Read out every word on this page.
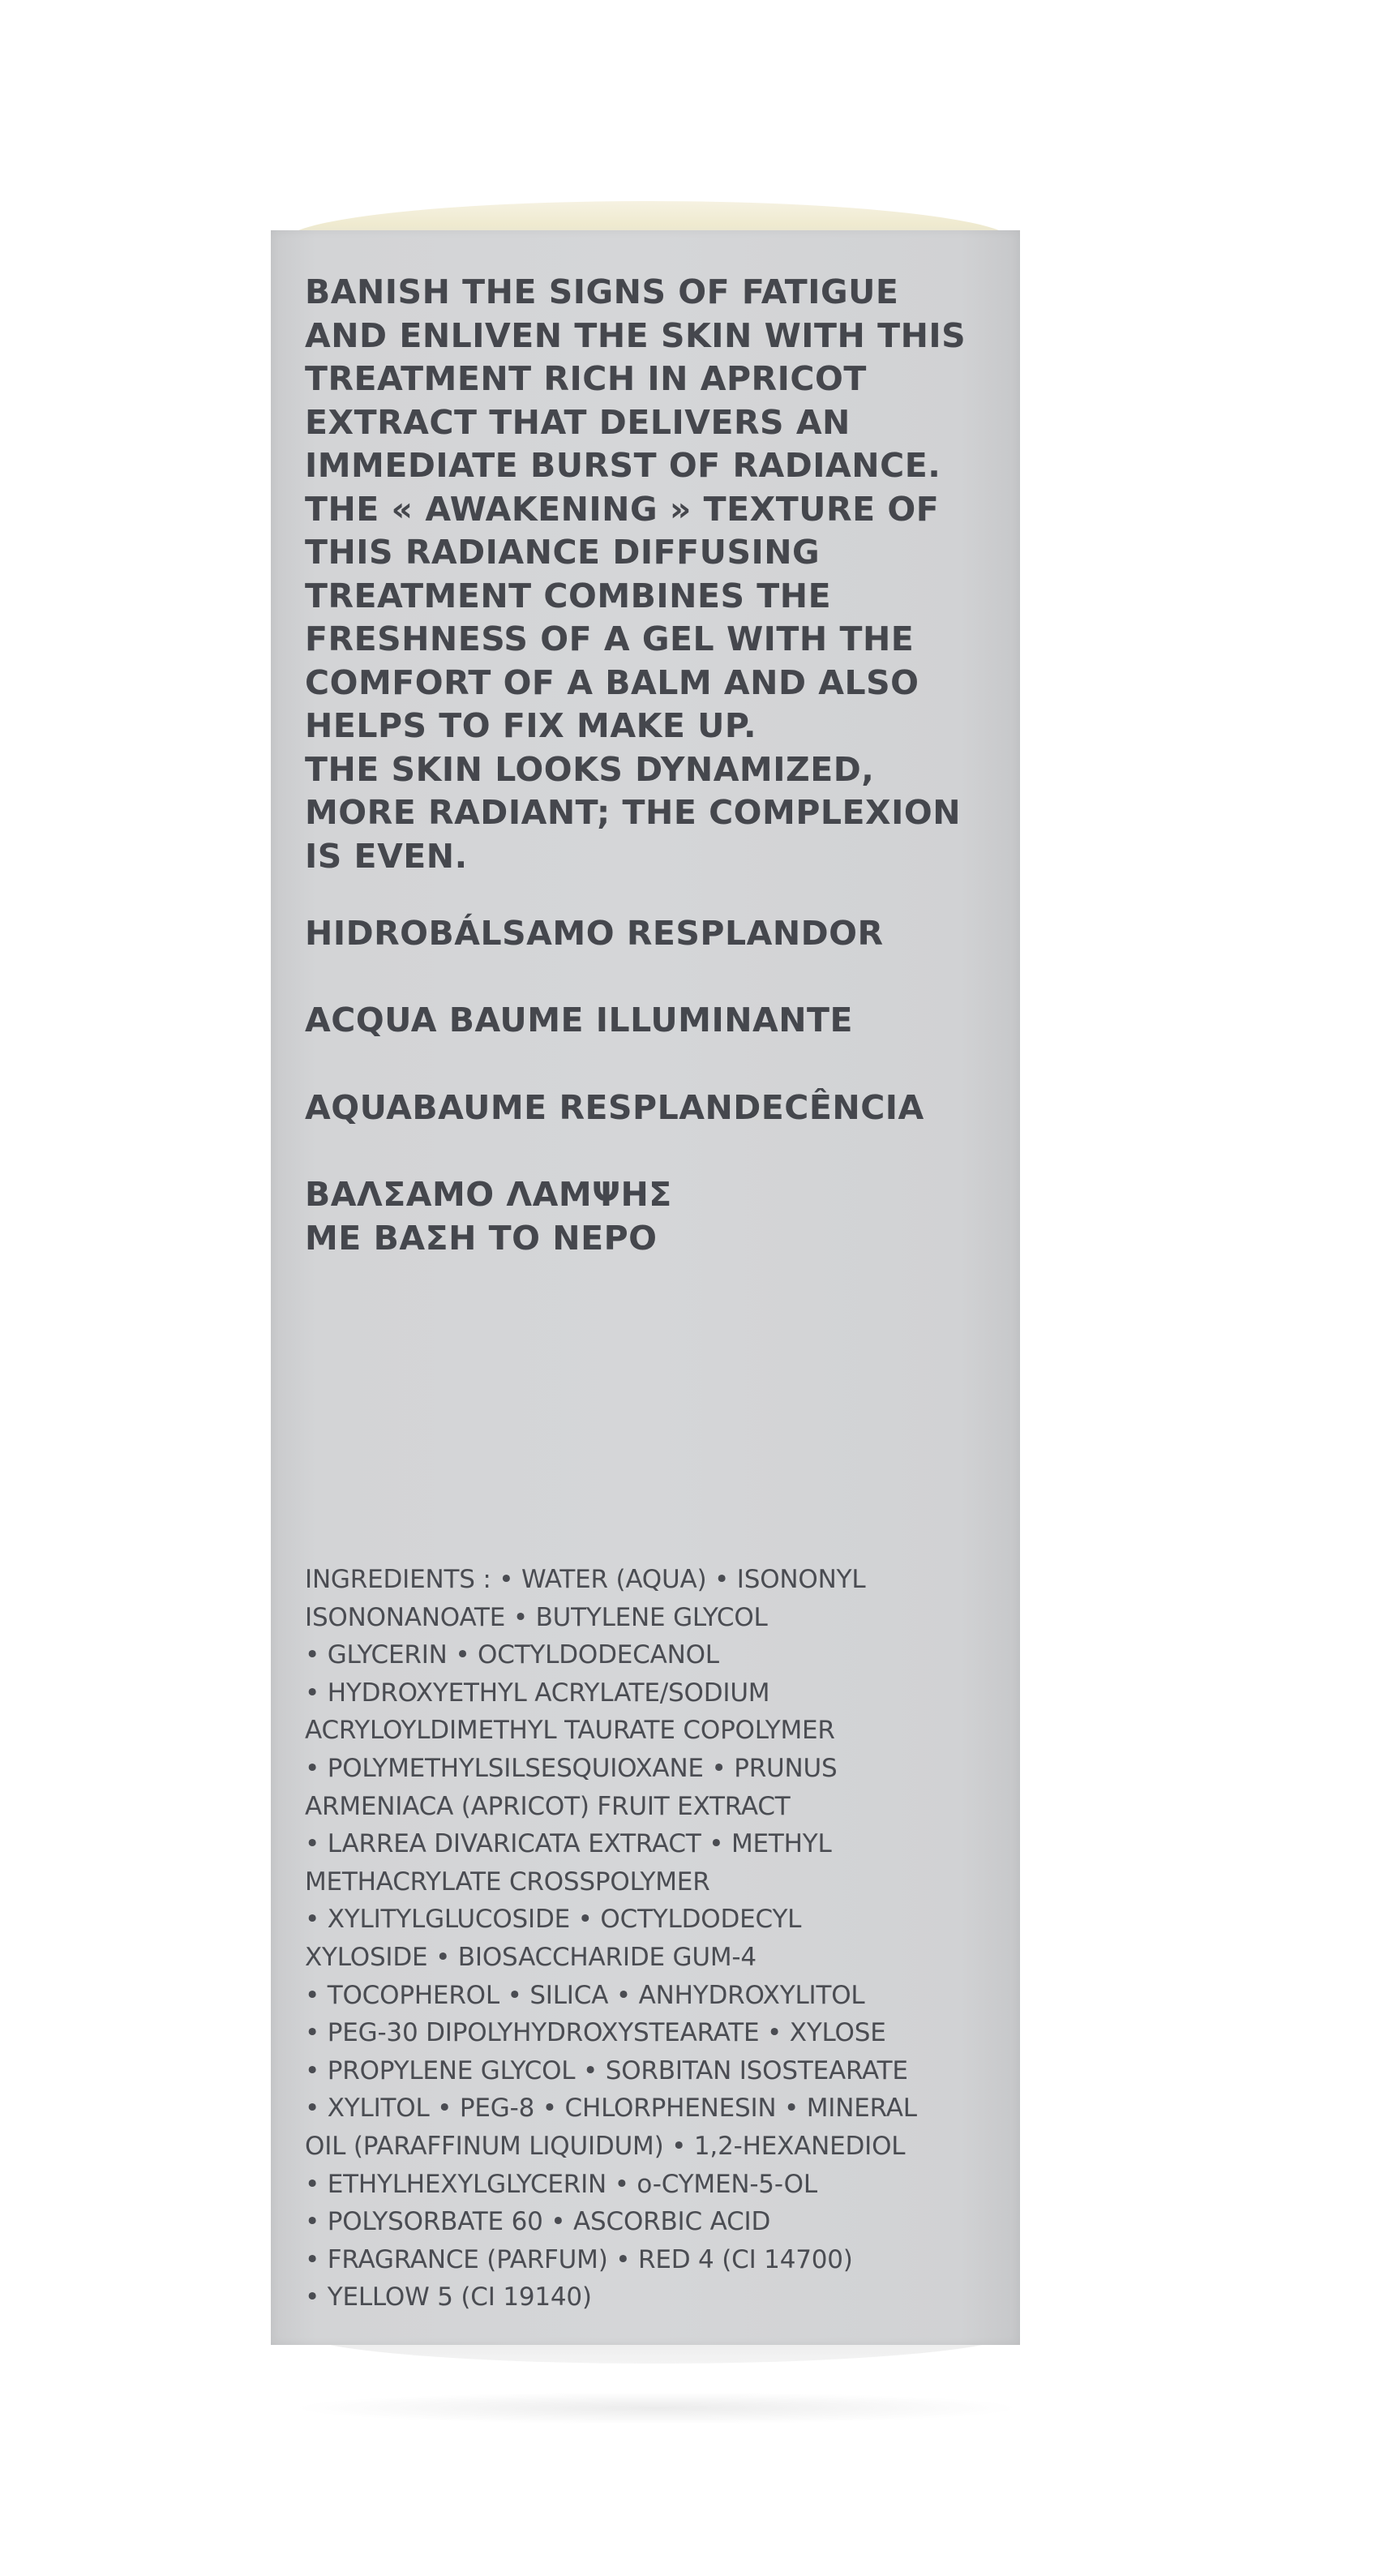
BANISH THE SIGNS OF FATIGUE
AND ENLIVEN THE SKIN WITH THIS
TREATMENT RICH IN APRICOT
EXTRACT THAT DELIVERS AN
IMMEDIATE BURST OF RADIANCE.
THE « AWAKENING » TEXTURE OF
THIS RADIANCE DIFFUSING
TREATMENT COMBINES THE
FRESHNESS OF A GEL WITH THE
COMFORT OF A BALM AND ALSO
HELPS TO FIX MAKE UP.
THE SKIN LOOKS DYNAMIZED,
MORE RADIANT; THE COMPLEXION
IS EVEN.
HIDROBÁLSAMO RESPLANDOR
ACQUA BAUME ILLUMINANTE
AQUABAUME RESPLANDECÊNCIA
ΒΑΛΣΑΜΟ ΛΑΜΨΗΣ
ΜΕ ΒΑΣΗ ΤΟ ΝΕΡΟ
INGREDIENTS : • WATER (AQUA) • ISONONYL
ISONONANOATE • BUTYLENE GLYCOL
• GLYCERIN • OCTYLDODECANOL
• HYDROXYETHYL ACRYLATE/SODIUM
ACRYLOYLDIMETHYL TAURATE COPOLYMER
• POLYMETHYLSILSESQUIOXANE • PRUNUS
ARMENIACA (APRICOT) FRUIT EXTRACT
• LARREA DIVARICATA EXTRACT • METHYL
METHACRYLATE CROSSPOLYMER
• XYLITYLGLUCOSIDE • OCTYLDODECYL
XYLOSIDE • BIOSACCHARIDE GUM-4
• TOCOPHEROL • SILICA • ANHYDROXYLITOL
• PEG-30 DIPOLYHYDROXYSTEARATE • XYLOSE
• PROPYLENE GLYCOL • SORBITAN ISOSTEARATE
• XYLITOL • PEG-8 • CHLORPHENESIN • MINERAL
OIL (PARAFFINUM LIQUIDUM) • 1,2-HEXANEDIOL
• ETHYLHEXYLGLYCERIN • o-CYMEN-5-OL
• POLYSORBATE 60 • ASCORBIC ACID
• FRAGRANCE (PARFUM) • RED 4 (CI 14700)
• YELLOW 5 (CI 19140)
